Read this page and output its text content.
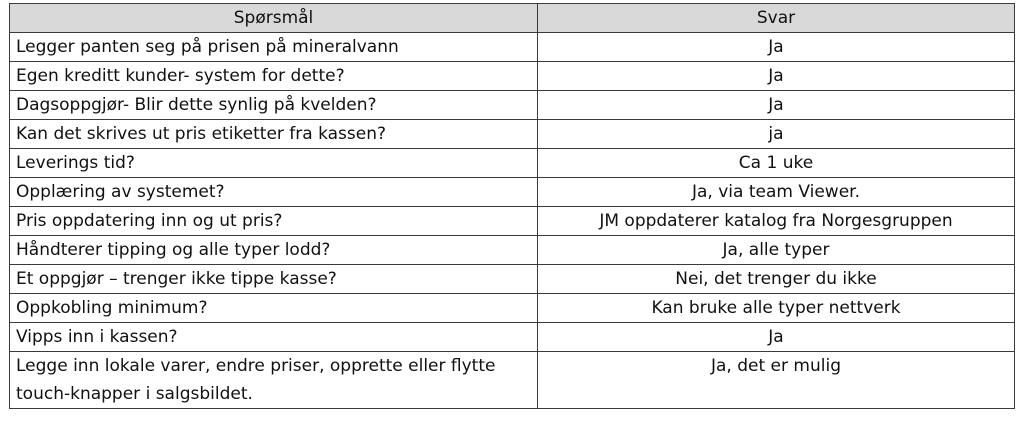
Spørsmål	Svar
Legger panten seg på prisen på mineralvann	Ja
Egen kreditt kunder- system for dette?	Ja
Dagsoppgjør- Blir dette synlig på kvelden?	Ja
Kan det skrives ut pris etiketter fra kassen?	ja
Leverings tid?	Ca 1 uke
Opplæring av systemet?	Ja, via team Viewer.
Pris oppdatering inn og ut pris?	JM oppdaterer katalog fra Norgesgruppen
Håndterer tipping og alle typer lodd?	Ja, alle typer
Et oppgjør – trenger ikke tippe kasse?	Nei, det trenger du ikke
Oppkobling minimum?	Kan bruke alle typer nettverk
Vipps inn i kassen?	Ja
Legge inn lokale varer, endre priser, opprette eller flytte touch-knapper i salgsbildet.	Ja, det er mulig
